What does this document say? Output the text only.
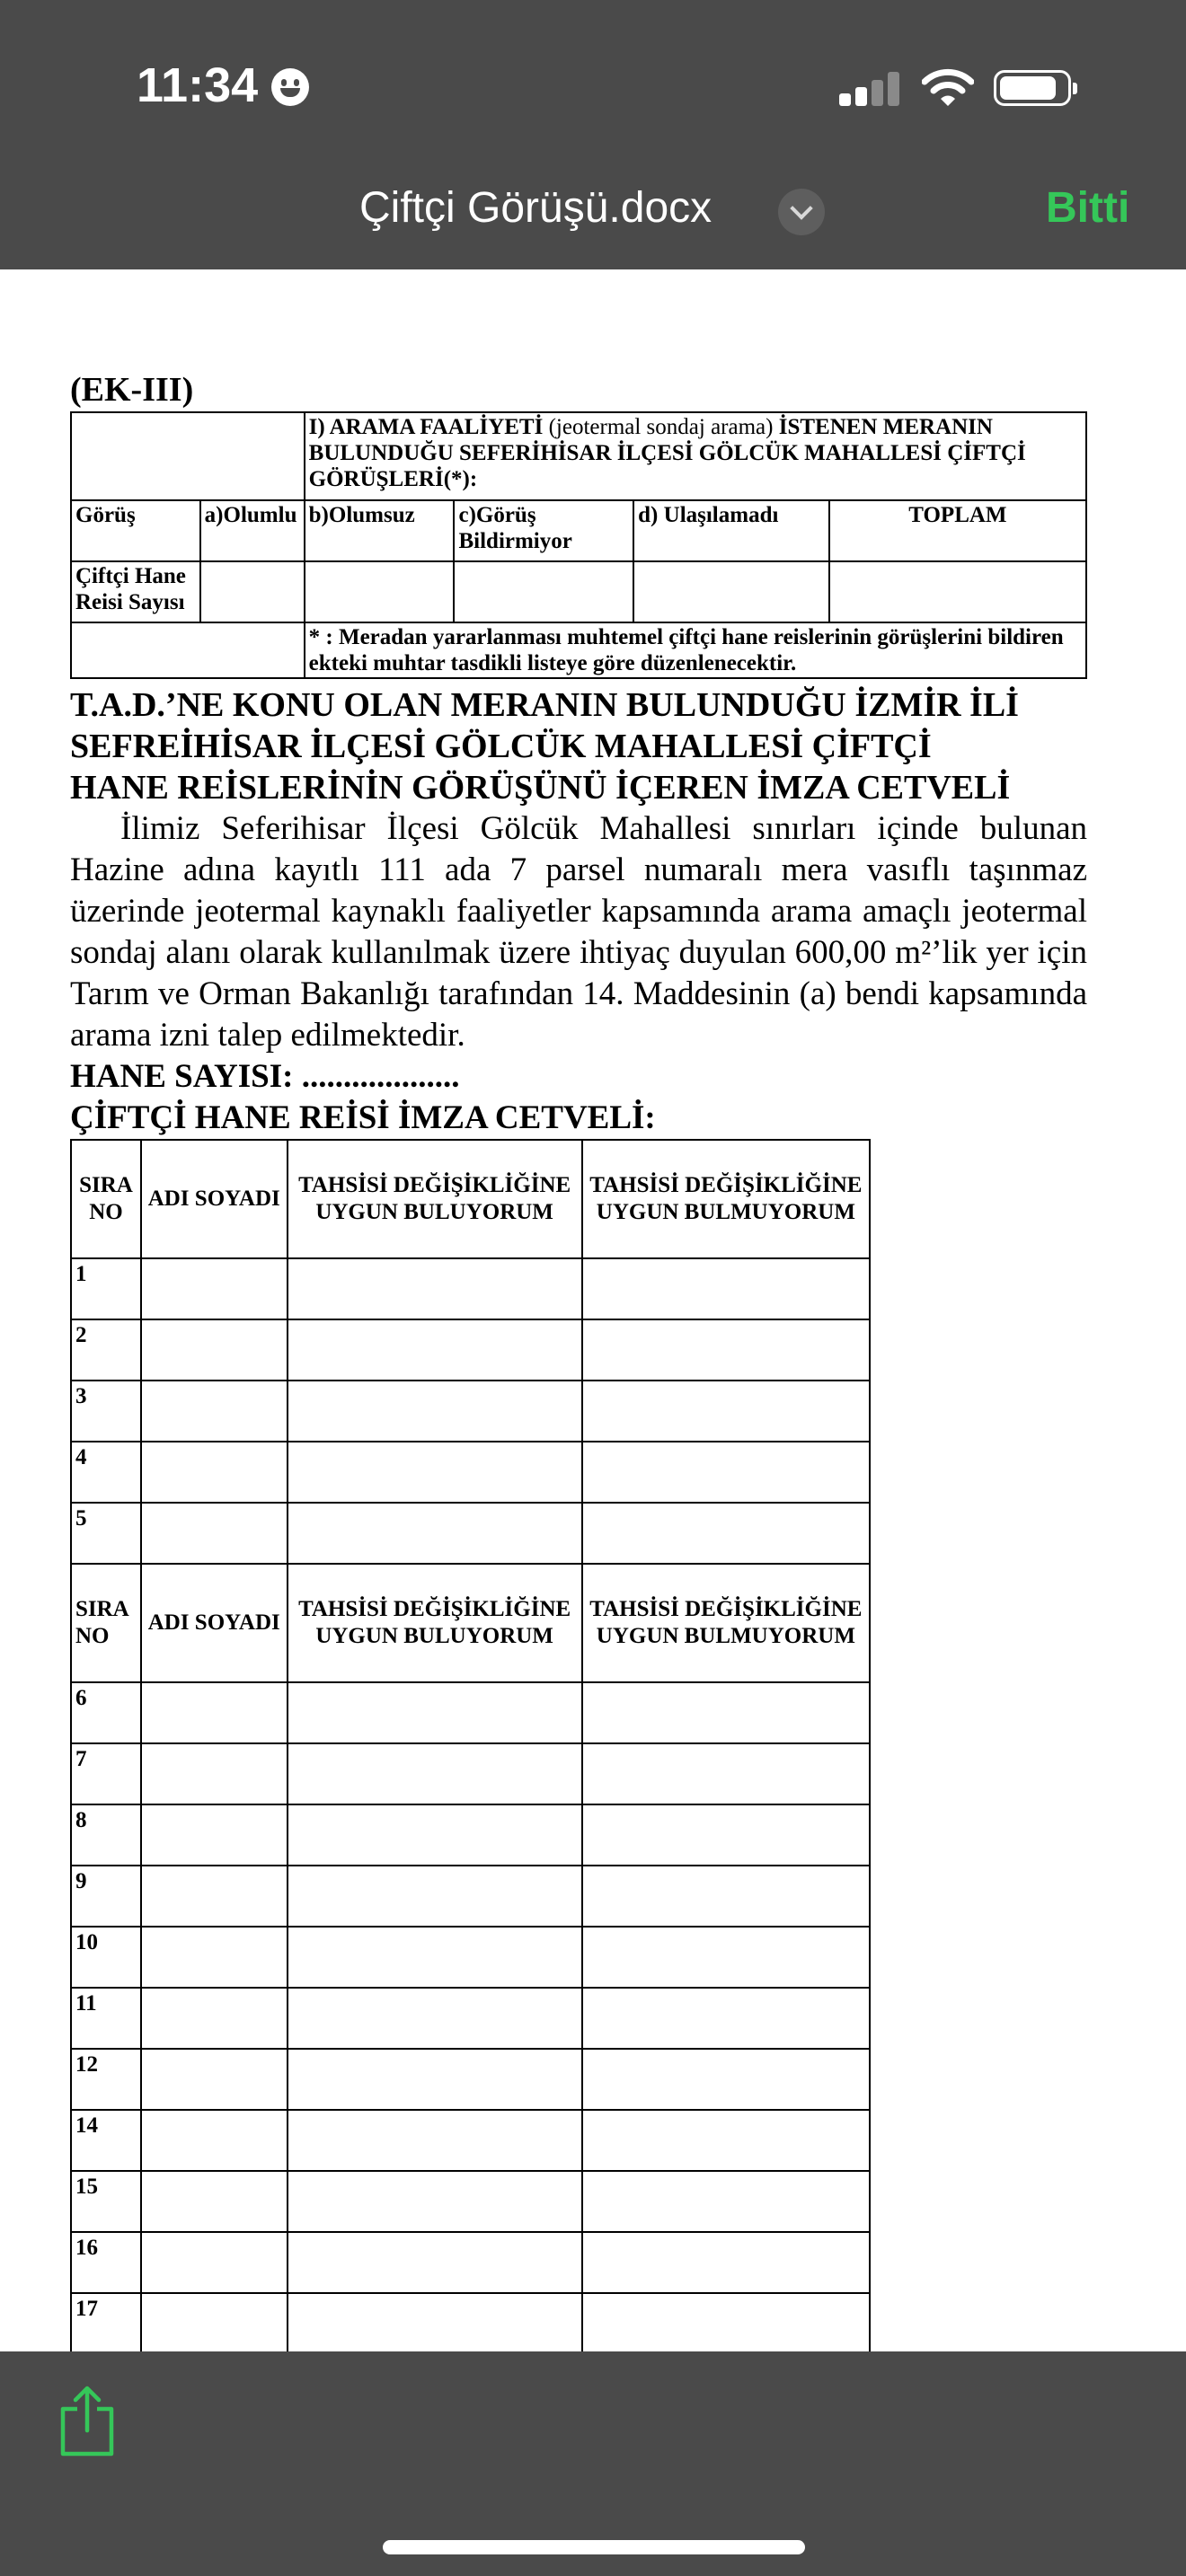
11:34
Çiftçi Görüşü.docx	Bitti
(EK-III)
		I) ARAMA FAALİYETİ (jeotermal sondaj arama) İSTENEN MERANIN BULUNDUĞU SEFERİHİSAR İLÇESİ GÖLCÜK MAHALLESİ ÇİFTÇİ GÖRÜŞLERİ(*):			
Görüş	a)Olumlu	b)Olumsuz	c)Görüş Bildirmiyor	d) Ulaşılamadı	TOPLAM
Çiftçi Hane Reisi Sayısı					
		* : Meradan yararlanması muhtemel çiftçi hane reislerinin görüşlerini bildiren ekteki muhtar tasdikli listeye göre düzenlenecektir.			
T.A.D.’NE KONU OLAN MERANIN BULUNDUĞU İZMİR İLİ
SEFREİHİSAR İLÇESİ GÖLCÜK MAHALLESİ ÇİFTÇİ
HANE REİSLERİNİN GÖRÜŞÜNÜ İÇEREN İMZA CETVELİ
İlimiz Seferihisar İlçesi Gölcük Mahallesi sınırları içinde bulunan Hazine adına kayıtlı 111 ada 7 parsel numaralı mera vasıflı taşınmaz üzerinde jeotermal kaynaklı faaliyetler kapsamında arama amaçlı jeotermal sondaj alanı olarak kullanılmak üzere ihtiyaç duyulan 600,00 m²’lik yer için Tarım ve Orman Bakanlığı tarafından 14. Maddesinin (a) bendi kapsamında arama izni talep edilmektedir.
HANE SAYISI: ...................
ÇİFTÇİ HANE REİSİ İMZA CETVELİ:
SIRA NO	ADI SOYADI	TAHSİSİ DEĞİŞİKLİĞİNE UYGUN BULUYORUM	TAHSİSİ DEĞİŞİKLİĞİNE UYGUN BULMUYORUM
1			
2			
3			
4			
5			
SIRA NO	ADI SOYADI	TAHSİSİ DEĞİŞİKLİĞİNE UYGUN BULUYORUM	TAHSİSİ DEĞİŞİKLİĞİNE UYGUN BULMUYORUM
6			
7			
8			
9			
10			
11			
12			
14			
15			
16			
17			
